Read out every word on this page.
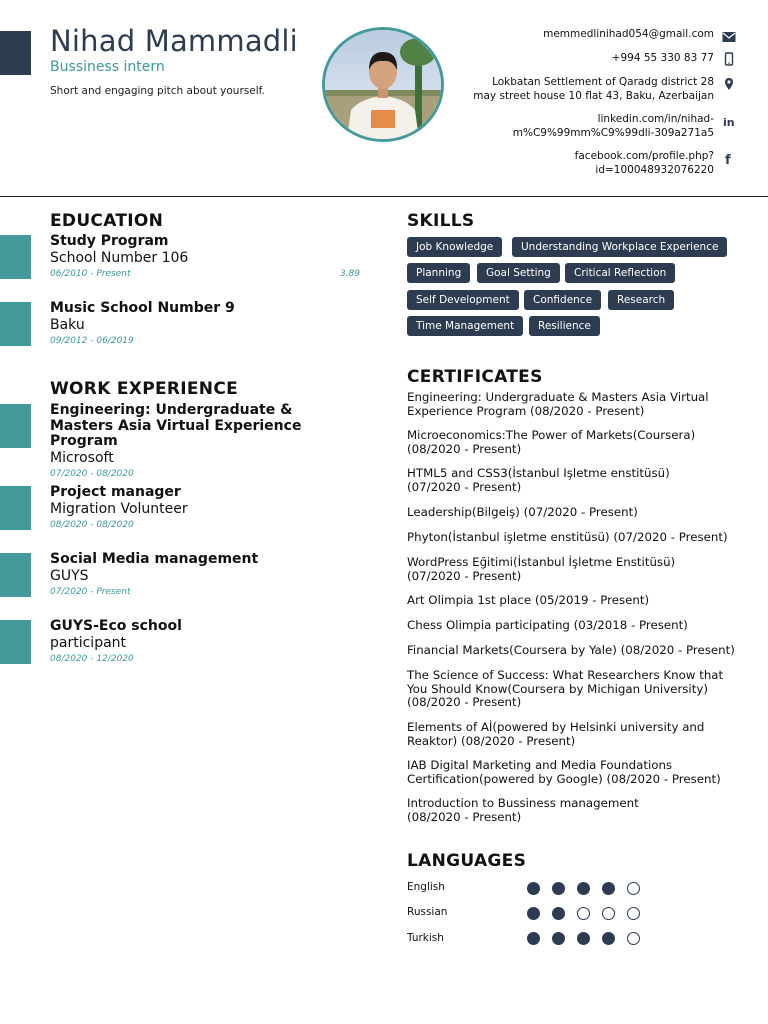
Nihad Mammadli
Bussiness intern
Short and engaging pitch about yourself.
memmedlinihad054@gmail.com
+994 55 330 83 77
Lokbatan Settlement of Qaradg district 28
may street house 10 flat 43, Baku, Azerbaijan
linkedin.com/in/nihad-
m%C9%99mm%C9%99dli-309a271a5
in
facebook.com/profile.php?
id=100048932076220
f
EDUCATION
Study Program
School Number 106
06/2010 - Present	3.89
Music School Number 9
Baku
09/2012 - 06/2019
WORK EXPERIENCE
Engineering: Undergraduate & Masters Asia Virtual Experience Program
Microsoft
07/2020 - 08/2020
Project manager
Migration Volunteer
08/2020 - 08/2020
Social Media management
GUYS
07/2020 - Present
GUYS-Eco school
participant
08/2020 - 12/2020
SKILLS
Job Knowledge	Understanding Workplace Experience
Planning	Goal Setting	Critical Reflection
Self Development	Confidence	Research
Time Management	Resilience
CERTIFICATES
Engineering: Undergraduate & Masters Asia Virtual
Experience Program (08/2020 - Present)
Microeconomics:The Power of Markets(Coursera)
(08/2020 - Present)
HTML5 and CSS3(İstanbul Işletme enstitüsü)
(07/2020 - Present)
Leadership(Bilgeiş) (07/2020 - Present)
Phyton(İstanbul işletme enstitüsü) (07/2020 - Present)
WordPress Eğitimi(İstanbul İşletme Enstitüsü)
(07/2020 - Present)
Art Olimpia 1st place (05/2019 - Present)
Chess Olimpia participating (03/2018 - Present)
Financial Markets(Coursera by Yale) (08/2020 - Present)
The Science of Success: What Researchers Know that
You Should Know(Coursera by Michigan University)
(08/2020 - Present)
Elements of Aİ(powered by Helsinki university and
Reaktor) (08/2020 - Present)
IAB Digital Marketing and Media Foundations
Certification(powered by Google) (08/2020 - Present)
Introduction to Bussiness management
(08/2020 - Present)
LANGUAGES
English
Russian
Turkish
